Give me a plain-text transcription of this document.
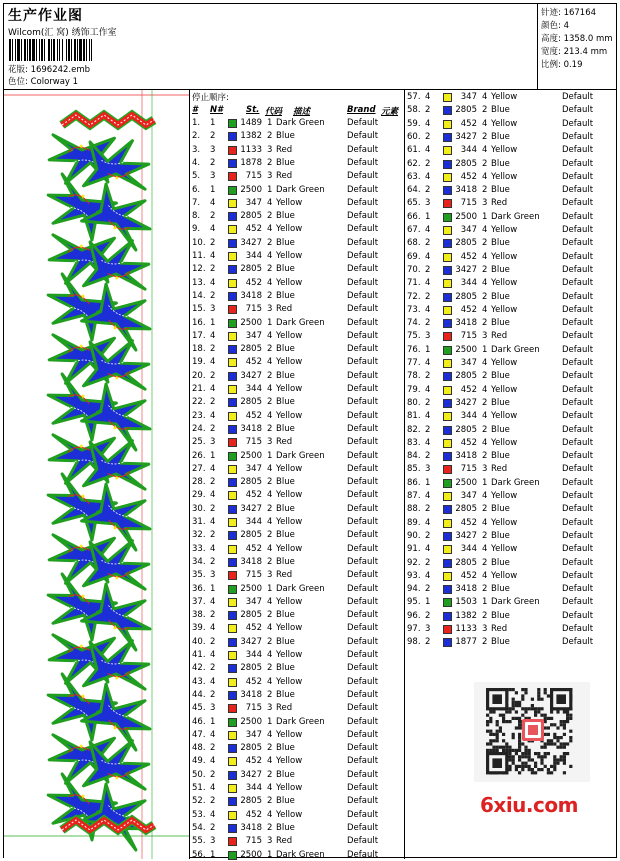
生产作业图
Wilcom(汇 窝) 绣饰工作室
花版: 1696242.emb
色位: Colorway 1
针迹: 167164
颜色: 4
高度: 1358.0 mm
宽度: 213.4 mm
比例: 0.19
停止顺序:
# N#	St. 代码 描述	Brand 元素
1. 1	1489 1 Dark Green	Default
2. 2	1382 2 Blue	Default
3. 3	1133 3 Red	Default
4. 2	1878 2 Blue	Default
5. 3	715 3 Red	Default
6. 1	2500 1 Dark Green	Default
7. 4	347 4 Yellow	Default
8. 2	2805 2 Blue	Default
9. 4	452 4 Yellow	Default
10. 2	3427 2 Blue	Default
11. 4	344 4 Yellow	Default
12. 2	2805 2 Blue	Default
13. 4	452 4 Yellow	Default
14. 2	3418 2 Blue	Default
15. 3	715 3 Red	Default
16. 1	2500 1 Dark Green	Default
17. 4	347 4 Yellow	Default
18. 2	2805 2 Blue	Default
19. 4	452 4 Yellow	Default
20. 2	3427 2 Blue	Default
21. 4	344 4 Yellow	Default
22. 2	2805 2 Blue	Default
23. 4	452 4 Yellow	Default
24. 2	3418 2 Blue	Default
25. 3	715 3 Red	Default
26. 1	2500 1 Dark Green	Default
27. 4	347 4 Yellow	Default
28. 2	2805 2 Blue	Default
29. 4	452 4 Yellow	Default
30. 2	3427 2 Blue	Default
31. 4	344 4 Yellow	Default
32. 2	2805 2 Blue	Default
33. 4	452 4 Yellow	Default
34. 2	3418 2 Blue	Default
35. 3	715 3 Red	Default
36. 1	2500 1 Dark Green	Default
37. 4	347 4 Yellow	Default
38. 2	2805 2 Blue	Default
39. 4	452 4 Yellow	Default
40. 2	3427 2 Blue	Default
41. 4	344 4 Yellow	Default
42. 2	2805 2 Blue	Default
43. 4	452 4 Yellow	Default
44. 2	3418 2 Blue	Default
45. 3	715 3 Red	Default
46. 1	2500 1 Dark Green	Default
47. 4	347 4 Yellow	Default
48. 2	2805 2 Blue	Default
49. 4	452 4 Yellow	Default
50. 2	3427 2 Blue	Default
51. 4	344 4 Yellow	Default
52. 2	2805 2 Blue	Default
53. 4	452 4 Yellow	Default
54. 2	3418 2 Blue	Default
55. 3	715 3 Red	Default
56. 1	2500 1 Dark Green	Default
57. 4	347 4 Yellow	Default
58. 2	2805 2 Blue	Default
59. 4	452 4 Yellow	Default
60. 2	3427 2 Blue	Default
61. 4	344 4 Yellow	Default
62. 2	2805 2 Blue	Default
63. 4	452 4 Yellow	Default
64. 2	3418 2 Blue	Default
65. 3	715 3 Red	Default
66. 1	2500 1 Dark Green	Default
67. 4	347 4 Yellow	Default
68. 2	2805 2 Blue	Default
69. 4	452 4 Yellow	Default
70. 2	3427 2 Blue	Default
71. 4	344 4 Yellow	Default
72. 2	2805 2 Blue	Default
73. 4	452 4 Yellow	Default
74. 2	3418 2 Blue	Default
75. 3	715 3 Red	Default
76. 1	2500 1 Dark Green	Default
77. 4	347 4 Yellow	Default
78. 2	2805 2 Blue	Default
79. 4	452 4 Yellow	Default
80. 2	3427 2 Blue	Default
81. 4	344 4 Yellow	Default
82. 2	2805 2 Blue	Default
83. 4	452 4 Yellow	Default
84. 2	3418 2 Blue	Default
85. 3	715 3 Red	Default
86. 1	2500 1 Dark Green	Default
87. 4	347 4 Yellow	Default
88. 2	2805 2 Blue	Default
89. 4	452 4 Yellow	Default
90. 2	3427 2 Blue	Default
91. 4	344 4 Yellow	Default
92. 2	2805 2 Blue	Default
93. 4	452 4 Yellow	Default
94. 2	3418 2 Blue	Default
95. 1	1503 1 Dark Green	Default
96. 2	1382 2 Blue	Default
97. 3	1133 3 Red	Default
98. 2	1877 2 Blue	Default
6xiu.com
